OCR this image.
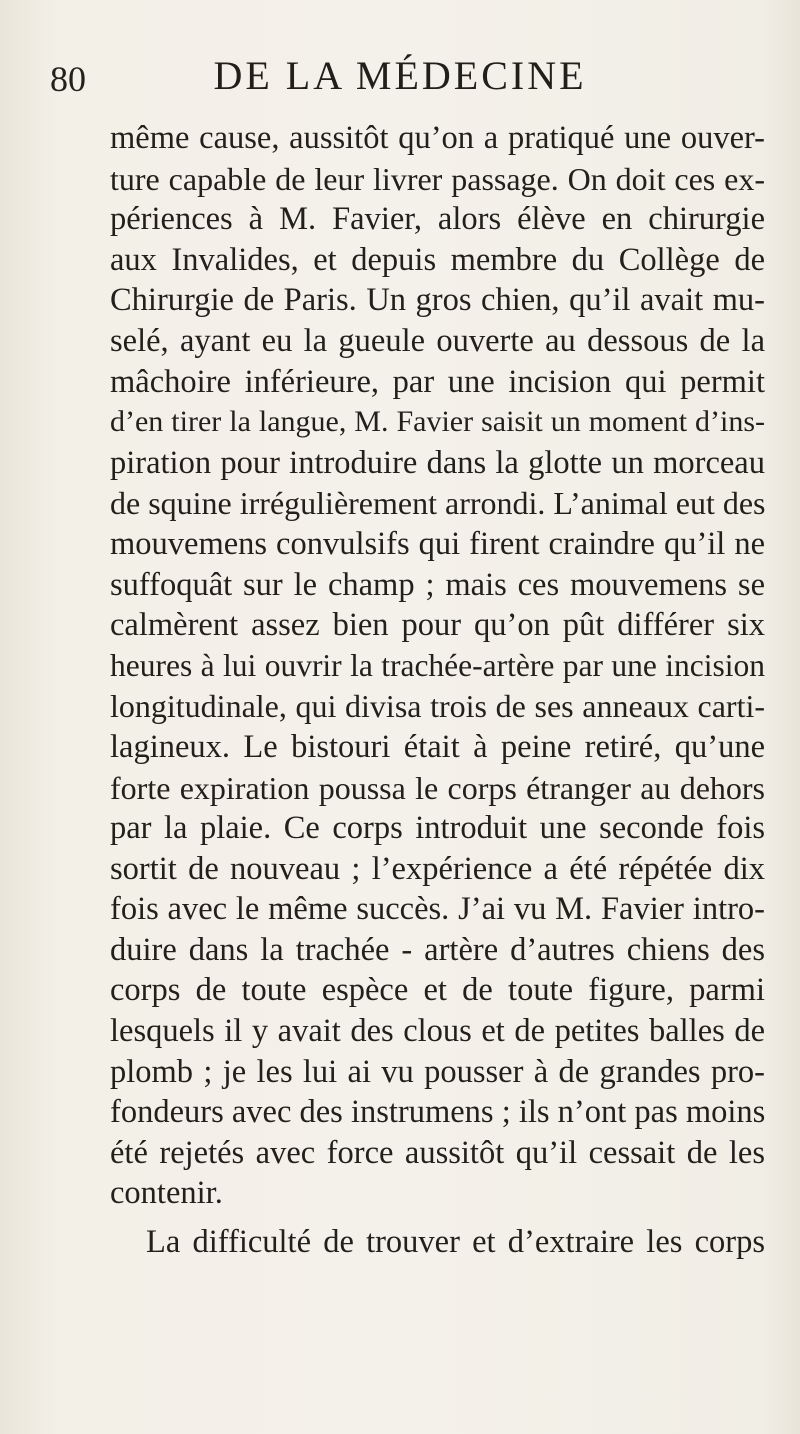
80	DE LA MÉDECINE
même cause, aussitôt qu’on a pratiqué une ouver-
ture capable de leur livrer passage. On doit ces ex-
périences à M. Favier, alors élève en chirurgie
aux Invalides, et depuis membre du Collège de
Chirurgie de Paris. Un gros chien, qu’il avait mu-
selé, ayant eu la gueule ouverte au dessous de la
mâchoire inférieure, par une incision qui permit
d’en tirer la langue, M. Favier saisit un moment d’ins-
piration pour introduire dans la glotte un morceau
de squine irrégulièrement arrondi. L’animal eut des
mouvemens convulsifs qui firent craindre qu’il ne
suffoquât sur le champ ; mais ces mouvemens se
calmèrent assez bien pour qu’on pût différer six
heures à lui ouvrir la trachée-artère par une incision
longitudinale, qui divisa trois de ses anneaux carti-
lagineux. Le bistouri était à peine retiré, qu’une
forte expiration poussa le corps étranger au dehors
par la plaie. Ce corps introduit une seconde fois
sortit de nouveau ; l’expérience a été répétée dix
fois avec le même succès. J’ai vu M. Favier intro-
duire dans la trachée - artère d’autres chiens des
corps de toute espèce et de toute figure, parmi
lesquels il y avait des clous et de petites balles de
plomb ; je les lui ai vu pousser à de grandes pro-
fondeurs avec des instrumens ; ils n’ont pas moins
été rejetés avec force aussitôt qu’il cessait de les
contenir.
La difficulté de trouver et d’extraire les corps
